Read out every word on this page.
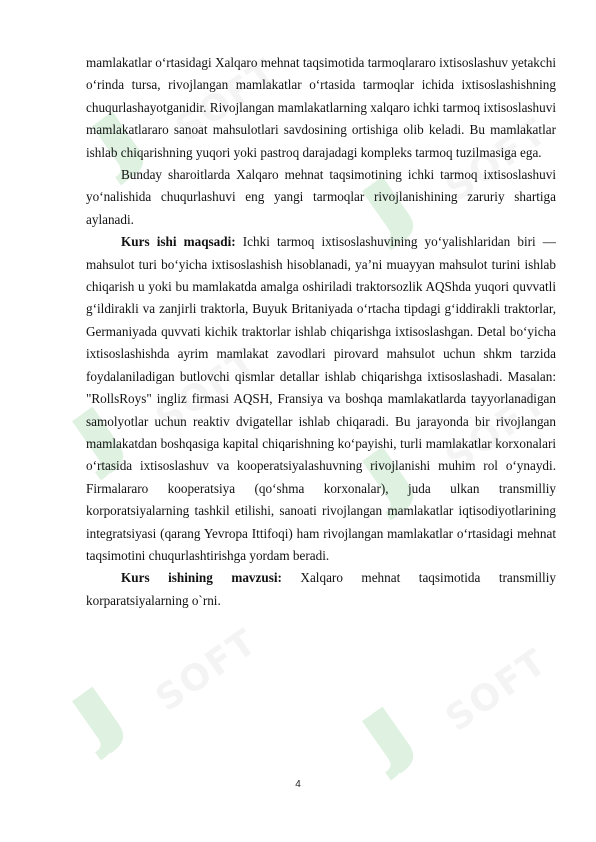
JJ SOFT
JJ
SOFT
JJ
SOFT
JJ
SOFT
JJ
SOFT
JJ
SOFT

mamlakatlar o‘rtasidagi Xalqaro mehnat taqsimotida tarmoqlararo ixtisoslashuv yetakchi o‘rinda tursa, rivojlangan mamlakatlar o‘rtasida tarmoqlar ichida ixtisoslashishning chuqurlashayotganidir. Rivojlangan mamlakatlarning xalqaro ichki tarmoq ixtisoslashuvi mamlakatlararo sanoat mahsulotlari savdosining ortishiga olib keladi. Bu mamlakatlar ishlab chiqarishning yuqori yoki pastroq darajadagi kompleks tarmoq tuzilmasiga ega.

Bunday sharoitlarda Xalqaro mehnat taqsimotining ichki tarmoq ixtisoslashuvi yo‘nalishida chuqurlashuvi eng yangi tarmoqlar rivojlanishining zaruriy shartiga aylanadi.

Kurs ishi maqsadi: Ichki tarmoq ixtisoslashuvining yo‘yalishlaridan biri — mahsulot turi bo‘yicha ixtisoslashish hisoblanadi, ya’ni muayyan mahsulot turini ishlab chiqarish u yoki bu mamlakatda amalga oshiriladi traktorsozlik AQShda yuqori quvvatli g‘ildirakli va zanjirli traktorla, Buyuk Britaniyada o‘rtacha tipdagi g‘iddirakli traktorlar, Germaniyada quvvati kichik traktorlar ishlab chiqarishga ixtisoslashgan. Detal bo‘yicha ixtisoslashishda ayrim mamlakat zavodlari pirovard mahsulot uchun shkm tarzida foydalaniladigan butlovchi qismlar detallar ishlab chiqarishga ixtisoslashadi. Masalan: "RollsRoys" ingliz firmasi AQSH, Fransiya va boshqa mamlakatlarda tayyorlanadigan samolyotlar uchun reaktiv dvigatellar ishlab chiqaradi. Bu jarayonda bir rivojlangan mamlakatdan boshqasiga kapital chiqarishning ko‘payishi, turli mamlakatlar korxonalari o‘rtasida ixtisoslashuv va kooperatsiyalashuvning rivojlanishi muhim rol o‘ynaydi. Firmalararo kooperatsiya (qo‘shma korxonalar), juda ulkan transmilliy korporatsiyalarning tashkil etilishi, sanoati rivojlangan mamlakatlar iqtisodiyotlarining integratsiyasi (qarang Yevropa Ittifoqi) ham rivojlangan mamlakatlar o‘rtasidagi mehnat taqsimotini chuqurlashtirishga yordam beradi.

Kurs ishining mavzusi: Xalqaro mehnat taqsimotida transmilliy korparatsiyalarning o`rni.

4
